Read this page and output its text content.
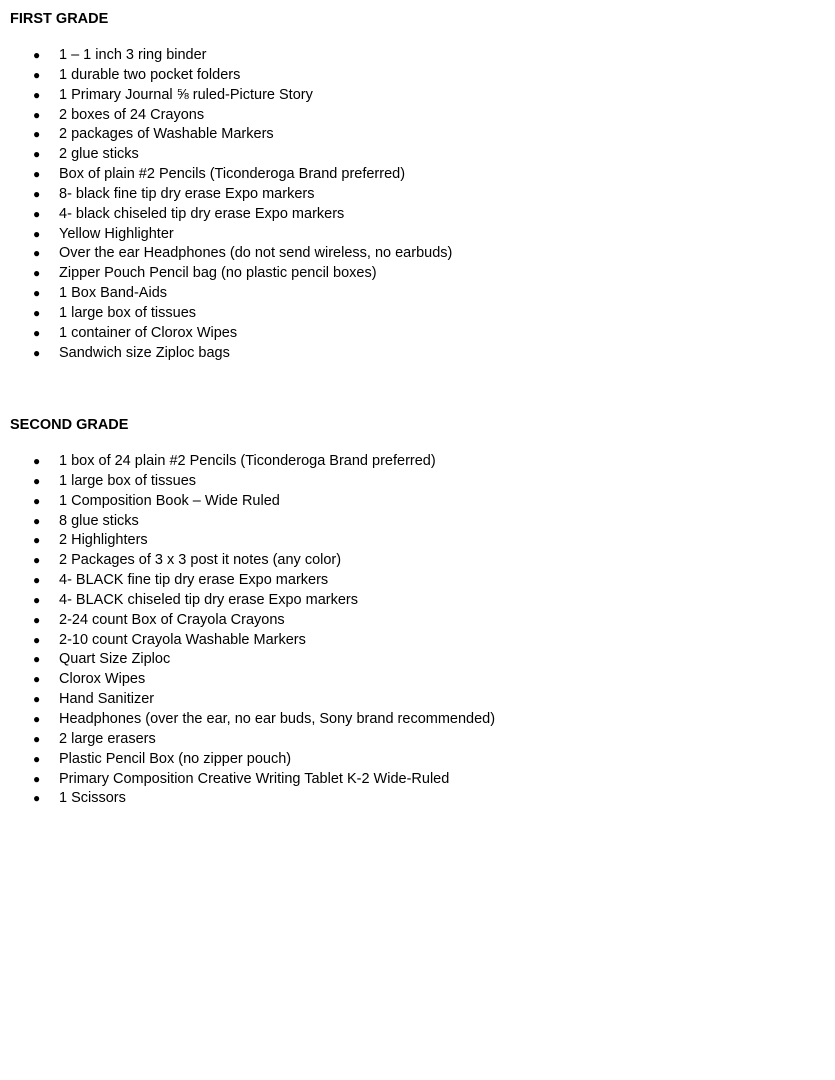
FIRST GRADE
● 1 – 1 inch 3 ring binder
● 1 durable two pocket folders
● 1 Primary Journal ⅝ ruled-Picture Story
● 2 boxes of 24 Crayons
● 2 packages of Washable Markers
● 2 glue sticks
● Box of plain #2 Pencils (Ticonderoga Brand preferred)
● 8- black fine tip dry erase Expo markers
● 4- black chiseled tip dry erase Expo markers
● Yellow Highlighter
● Over the ear Headphones (do not send wireless, no earbuds)
● Zipper Pouch Pencil bag (no plastic pencil boxes)
● 1 Box Band-Aids
● 1 large box of tissues
● 1 container of Clorox Wipes
● Sandwich size Ziploc bags
SECOND GRADE
● 1 box of 24 plain #2 Pencils (Ticonderoga Brand preferred)
● 1 large box of tissues
● 1 Composition Book – Wide Ruled
● 8 glue sticks
● 2 Highlighters
● 2 Packages of 3 x 3 post it notes (any color)
● 4- BLACK fine tip dry erase Expo markers
● 4- BLACK chiseled tip dry erase Expo markers
● 2-24 count Box of Crayola Crayons
● 2-10 count Crayola Washable Markers
● Quart Size Ziploc
● Clorox Wipes
● Hand Sanitizer
● Headphones (over the ear, no ear buds, Sony brand recommended)
● 2 large erasers
● Plastic Pencil Box (no zipper pouch)
● Primary Composition Creative Writing Tablet K-2 Wide-Ruled
● 1 Scissors
